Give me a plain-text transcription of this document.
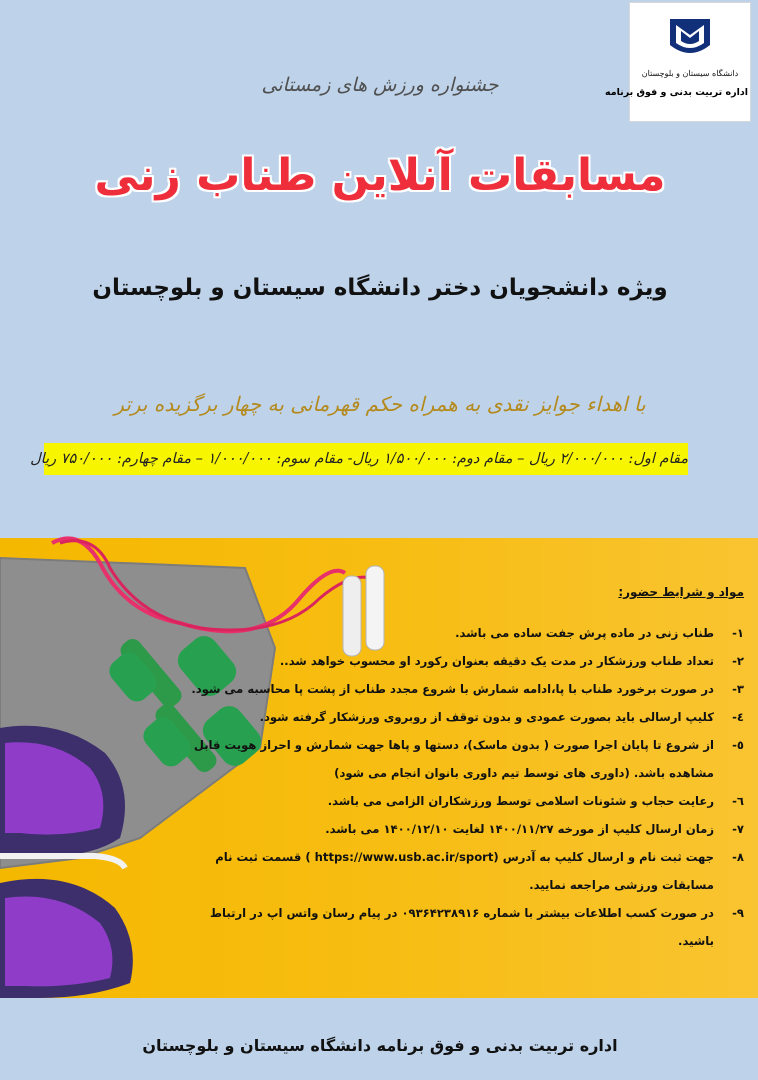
دانشگاه سیستان و بلوچستان
اداره تربیت بدنی و فوق برنامه
جشنواره ورزش های زمستانی
مسابقات آنلاین طناب زنی
ویژه دانشجویان دختر دانشگاه سیستان و بلوچستان
با اهداء جوایز نقدی به همراه حکم قهرمانی به چهار برگزیده برتر
مقام اول: ۲/۰۰۰/۰۰۰ ریال – مقام دوم: ۱/۵۰۰/۰۰۰ ریال- مقام سوم: ۱/۰۰۰/۰۰۰ – مقام چهارم: ۷۵۰/۰۰۰ ریال
مواد و شرایط حضور:
۱-
طناب زنی در ماده پرش جفت ساده می باشد.
۲-
تعداد طناب ورزشکار در مدت یک دقیقه بعنوان رکورد او محسوب خواهد شد..
۳-
در صورت برخورد طناب با پا،ادامه شمارش با شروع مجدد طناب از پشت پا محاسبه می شود.
٤-
کلیپ ارسالی باید بصورت عمودی و بدون توقف از روبروی ورزشکار گرفته شود.
٥-
از شروع تا پایان اجرا صورت ( بدون ماسک)، دستها و پاها جهت شمارش و احراز هویت قابل مشاهده باشد. (داوری های توسط تیم داوری بانوان انجام می شود)
٦-
رعایت حجاب و شئونات اسلامی توسط ورزشکاران الزامی می باشد.
۷-
زمان ارسال کلیپ از مورخه ۱۴۰۰/۱۱/۲۷ لغایت ۱۴۰۰/۱۲/۱۰ می باشد.
۸-
جهت ثبت نام و ارسال کلیپ به آدرس (https://www.usb.ac.ir/sport ) قسمت ثبت نام مسابقات ورزشی مراجعه نمایید.
۹-
در صورت کسب اطلاعات بیشتر با شماره ۰۹۳۶۴۲۳۸۹۱۶ در پیام رسان واتس اپ در ارتباط باشید.
اداره تربیت بدنی و فوق برنامه دانشگاه سیستان و بلوچستان
